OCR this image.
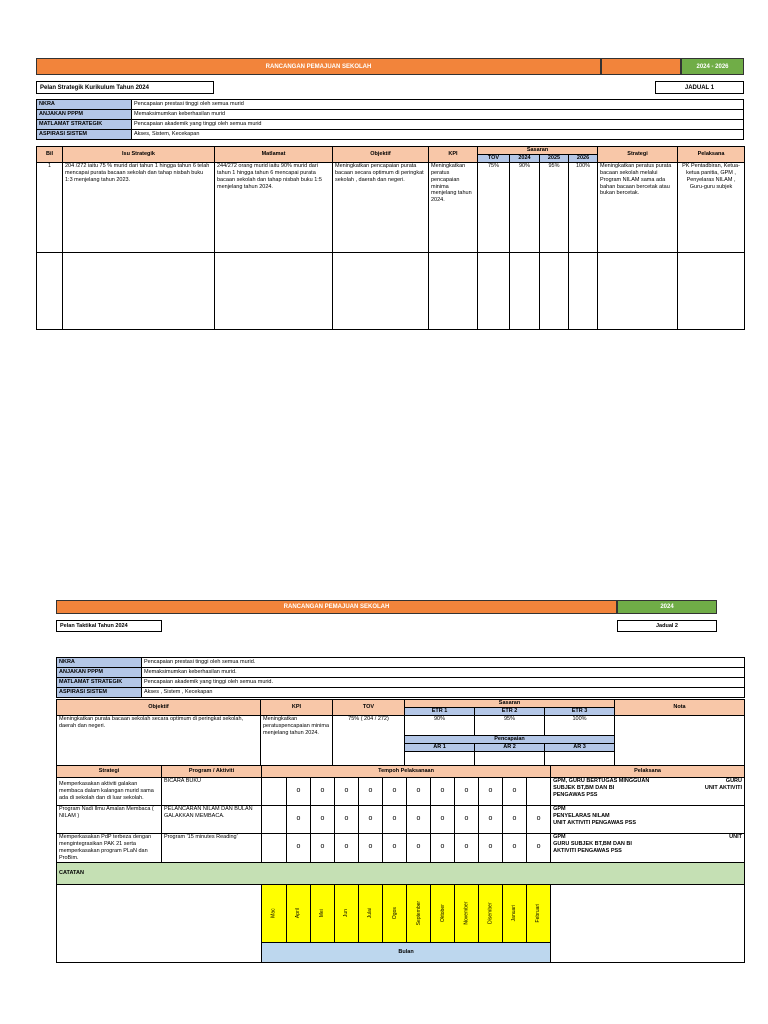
RANCANGAN PEMAJUAN SEKOLAH	2024 - 2026
Pelan Strategik Kurikulum Tahun 2024	JADUAL 1
NKRA	Pencapaian prestasi tinggi oleh semua murid
ANJAKAN PPPM	Memaksimumkan keberhasilan murid
MATLAMAT STRATEGIK	Pencapaian akademik yang tinggi oleh semua murid
ASPIRASI SISTEM	Akses, Sistem, Kecekapan
Bil	Isu Strategik	Matlamat	Objektif	KPI	Sasaran				Strategi	Pelaksana
					TOV	2024	2025	2026		
1	204 /272 iaitu 75 % murid dari tahun 1 hingga tahun 6 telah mencapai purata bacaan sekolah dan tahap nisbah buku 1:3 menjelang tahun 2023.	244/272 orang murid iaitu 90% murid dari tahun 1 hingga tahun 6 mencapai purata bacaan sekolah dan tahap nisbah buku 1:5 menjelang tahun 2024.	Meningkatkan pencapaian purata bacaan secara optimum di peringkat sekolah , daerah dan negeri.	Meningkatkan peratus pencapaian minima menjelang tahun 2024.	75%	90%	95%	100%	Meningkatkan peratus purata bacaan sekolah melalui Program NILAM sama ada bahan bacaan bercetak atau bukan bercetak.	PK Pentadbiran, Ketua-ketua panitia, GPM , Penyelaras NILAM , Guru-guru subjek

RANCANGAN PEMAJUAN SEKOLAH	2024
Pelan Taktikal Tahun 2024	Jadual 2
NKRA	Pencapaian prestasi tinggi oleh semua murid.
ANJAKAN PPPM	Memaksimumkan keberhasilan murid.
MATLAMAT STRATEGIK	Pencapaian akademik yang tinggi oleh semua murid.
ASPIRASI SISTEM	Akses , Sistem , Kecekapan
Objektif	KPI	TOV	Sasaran			Nota
			ETR 1	ETR 2	ETR 3	
Meningkatkan purata bacaan sekolah secara optimum di peringkat sekolah, daerah dan negeri.	Meningkatkan peratuspencapaian minima menjelang tahun 2024.	75% ( 204 / 272)	90%	95%	100%	
			Pencapaian			
			AR 1	AR 2	AR 3	

Strategi	Program / Aktiviti	Tempoh Pelaksanaan												Pelaksana
Memperkasakan aktiviti galakan membaca dalam kalangan murid sama ada di sekolah dan di luar sekolah.	BICARA BUKU		o	o	o	o	o	o	o	o	o	o		GPM, GURU BERTUGAS MINGGUAN GURU
SUBJEK BT,BM DAN BI UNIT AKTIVITI
PENGAWAS PSS

Program Nadi Ilmu Amalan Membaca ( NILAM )	PELANCARAN NILAM DAN BULAN GALAKKAN MEMBACA.		o	o	o	o	o	o	o	o	o	o	o	GPM
PENYELARAS NILAM
UNIT AKTIVITI PENGAWAS PSS

Memperkasakan PdP terbeza dengan mengintegrasikan PAK 21 serta memperkasakan program PLaN dan ProBim.	Program '15 minutes Reading'		o	o	o	o	o	o	o	o	o	o	o	GPM UNIT
GURU SUBJEK BT,BM DAN BI
AKTIVITI PENGAWAS PSS

CATATAN														
		Mac	April	Mei	Jun	Julai	Ogos	September	Oktober	November	Disember	Januari	Februari	
		Bulan												
